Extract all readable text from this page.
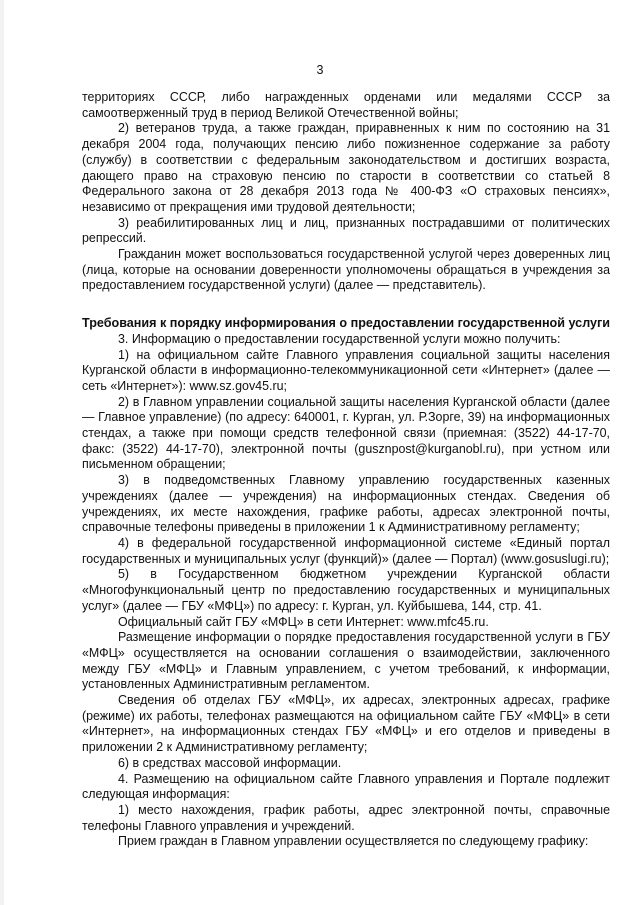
3

территориях СССР, либо награжденных орденами или медалями СССР за самоотверженный труд в период Великой Отечественной войны;

2) ветеранов труда, а также граждан, приравненных к ним по состоянию на 31 декабря 2004 года, получающих пенсию либо пожизненное содержание за работу (службу) в соответствии с федеральным законодательством и достигших возраста, дающего право на страховую пенсию по старости в соответствии со статьей 8 Федерального закона от 28 декабря 2013 года № 400-ФЗ «О страховых пенсиях», независимо от прекращения ими трудовой деятельности;

3) реабилитированных лиц и лиц, признанных пострадавшими от политических репрессий.

Гражданин может воспользоваться государственной услугой через доверенных лиц (лица, которые на основании доверенности уполномочены обращаться в учреждения за предоставлением государственной услуги) (далее — представитель).

Требования к порядку информирования о предоставлении государственной услуги

3. Информацию о предоставлении государственной услуги можно получить:

1) на официальном сайте Главного управления социальной защиты населения Курганской области в информационно-телекоммуникационной сети «Интернет» (далее — сеть «Интернет»): www.sz.gov45.ru;

2) в Главном управлении социальной защиты населения Курганской области (далее — Главное управление) (по адресу: 640001, г. Курган, ул. Р.Зорге, 39) на информационных стендах, а также при помощи средств телефонной связи (приемная: (3522) 44-17-70, факс: (3522) 44-17-70), электронной почты (gusznpost@kurganobl.ru), при устном или письменном обращении;

3) в подведомственных Главному управлению государственных казенных учреждениях (далее — учреждения) на информационных стендах. Сведения об учреждениях, их месте нахождения, графике работы, адресах электронной почты, справочные телефоны приведены в приложении 1 к Административному регламенту;

4) в федеральной государственной информационной системе «Единый портал государственных и муниципальных услуг (функций)» (далее — Портал) (www.gosuslugi.ru);

5) в Государственном бюджетном учреждении Курганской области «Многофункциональный центр по предоставлению государственных и муниципальных услуг» (далее — ГБУ «МФЦ») по адресу: г. Курган, ул. Куйбышева, 144, стр. 41.

Официальный сайт ГБУ «МФЦ» в сети Интернет: www.mfc45.ru.

Размещение информации о порядке предоставления государственной услуги в ГБУ «МФЦ» осуществляется на основании соглашения о взаимодействии, заключенного между ГБУ «МФЦ» и Главным управлением, с учетом требований, к информации, установленных Административным регламентом.

Сведения об отделах ГБУ «МФЦ», их адресах, электронных адресах, графике (режиме) их работы, телефонах размещаются на официальном сайте ГБУ «МФЦ» в сети «Интернет», на информационных стендах ГБУ «МФЦ» и его отделов и приведены в приложении 2 к Административному регламенту;

6) в средствах массовой информации.

4. Размещению на официальном сайте Главного управления и Портале подлежит следующая информация:

1) место нахождения, график работы, адрес электронной почты, справочные телефоны Главного управления и учреждений.

Прием граждан в Главном управлении осуществляется по следующему графику:
